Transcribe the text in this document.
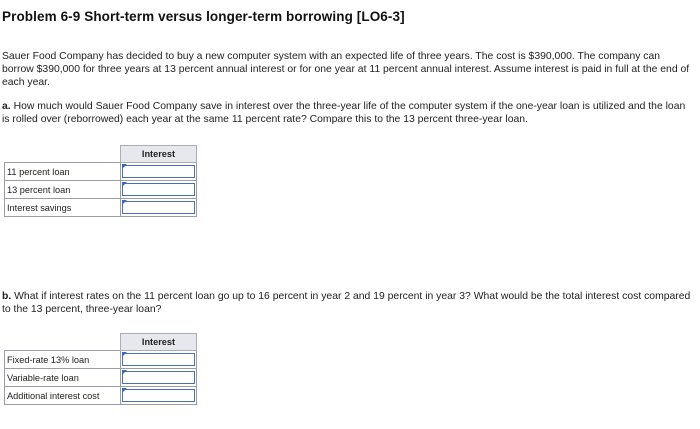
Problem 6-9 Short-term versus longer-term borrowing [LO6-3]
Sauer Food Company has decided to buy a new computer system with an expected life of three years. The cost is $390,000. The company can borrow $390,000 for three years at 13 percent annual interest or for one year at 11 percent annual interest. Assume interest is paid in full at the end of each year.
a. How much would Sauer Food Company save in interest over the three-year life of the computer system if the one-year loan is utilized and the loan is rolled over (reborrowed) each year at the same 11 percent rate? Compare this to the 13 percent three-year loan.
	Interest
11 percent loan	

13 percent loan	

Interest savings	
b. What if interest rates on the 11 percent loan go up to 16 percent in year 2 and 19 percent in year 3? What would be the total interest cost compared to the 13 percent, three-year loan?
	Interest
Fixed-rate 13% loan	

Variable-rate loan	

Additional interest cost	
